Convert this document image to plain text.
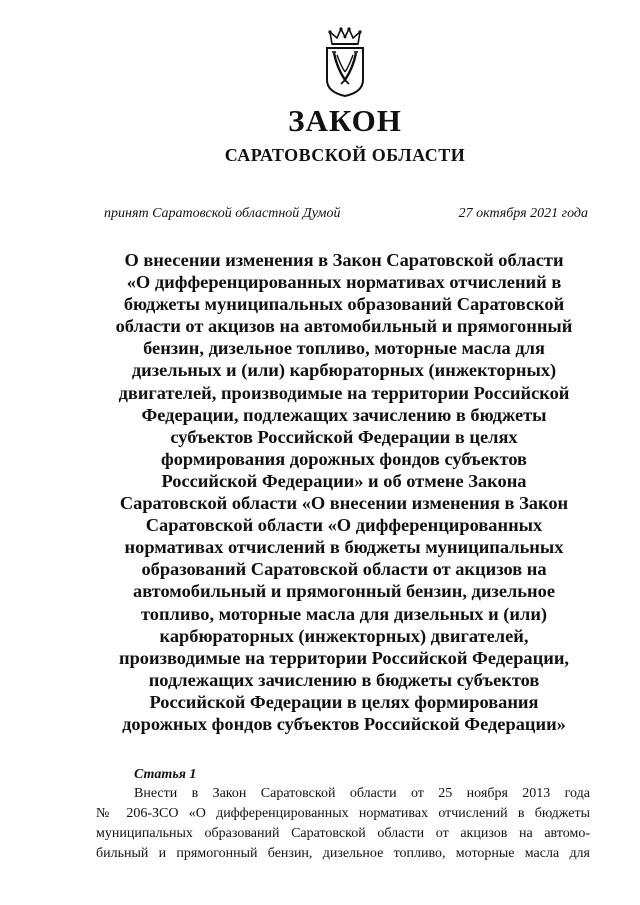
ЗАКОН
САРАТОВСКОЙ ОБЛАСТИ
принят Саратовской областной Думой	27 октября 2021 года
О внесении изменения в Закон Саратовской области
«О дифференцированных нормативах отчислений в
бюджеты муниципальных образований Саратовской
области от акцизов на автомобильный и прямогонный
бензин, дизельное топливо, моторные масла для
дизельных и (или) карбюраторных (инжекторных)
двигателей, производимые на территории Российской
Федерации, подлежащих зачислению в бюджеты
субъектов Российской Федерации в целях
формирования дорожных фондов субъектов
Российской Федерации» и об отмене Закона
Саратовской области «О внесении изменения в Закон
Саратовской области «О дифференцированных
нормативах отчислений в бюджеты муниципальных
образований Саратовской области от акцизов на
автомобильный и прямогонный бензин, дизельное
топливо, моторные масла для дизельных и (или)
карбюраторных (инжекторных) двигателей,
производимые на территории Российской Федерации,
подлежащих зачислению в бюджеты субъектов
Российской Федерации в целях формирования
дорожных фондов субъектов Российской Федерации»
Статья 1
Внести в Закон Саратовской области от 25 ноября 2013 года
№ 206-ЗСО «О дифференцированных нормативах отчислений в бюджеты
муниципальных образований Саратовской области от акцизов на автомо-
бильный и прямогонный бензин, дизельное топливо, моторные масла для
